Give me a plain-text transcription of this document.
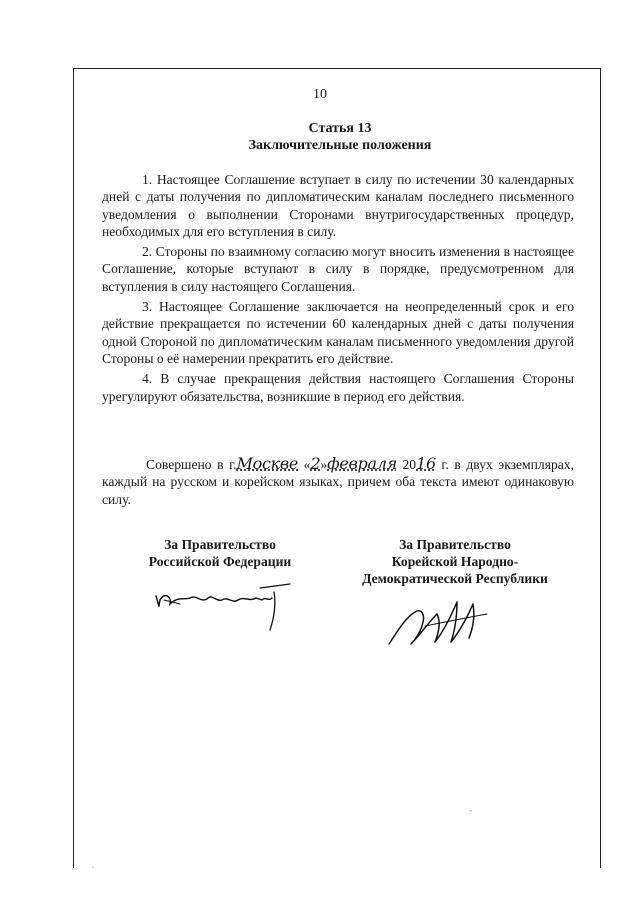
,
.
10
Статья 13
Заключительные положения

1. Настоящее Соглашение вступает в силу по истечении 30 календарных дней с даты получения по дипломатическим каналам последнего письменного уведомления о выполнении Сторонами внутригосударственных процедур, необходимых для его вступления в силу.

2. Стороны по взаимному согласию могут вносить изменения в настоящее Соглашение, которые вступают в силу в порядке, предусмотренном для вступления в силу настоящего Соглашения.

3. Настоящее Соглашение заключается на неопределенный срок и его действие прекращается по истечении 60 календарных дней с даты получения одной Стороной по дипломатическим каналам письменного уведомления другой Стороны о её намерении прекратить его действие.

4. В случае прекращения действия настоящего Соглашения Стороны урегулируют обязательства, возникшие в период его действия.

Совершено в г.Москве «2»февраля 2016 г. в двух экземплярах, каждый на русском и корейском языках, причем оба текста имеют одинаковую силу.
За Правительство
Российской Федерации
За Правительство
Корейской Народно-
Демократической Республики
